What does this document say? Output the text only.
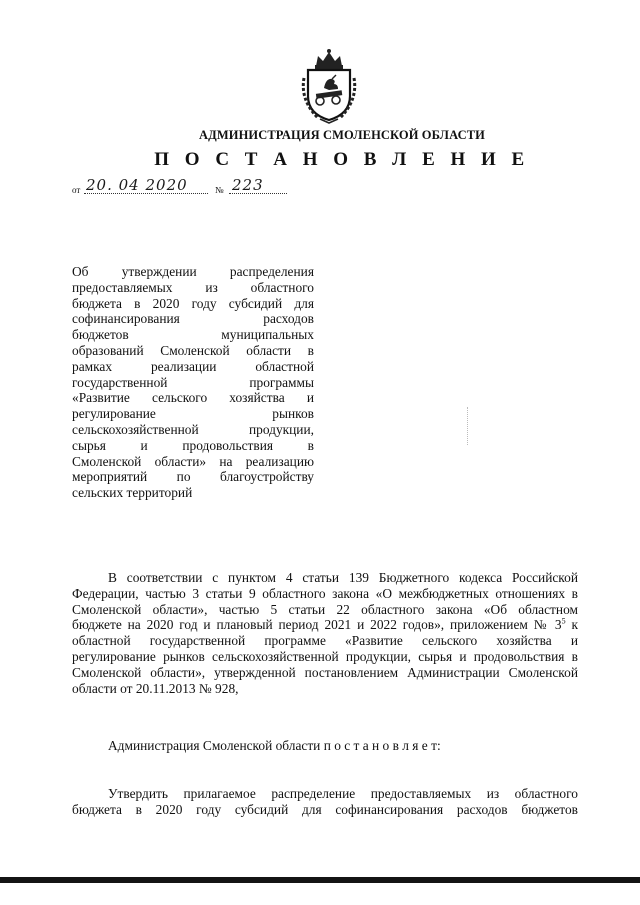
АДМИНИСТРАЦИЯ СМОЛЕНСКОЙ ОБЛАСТИ
П О С Т А Н О В Л Е Н И Е
от 20. 04 2020	№ 223
Об утверждении распределения
предоставляемых из областного
бюджета в 2020 году субсидий для
софинансирования расходов
бюджетов муниципальных
образований Смоленской области в
рамках реализации областной
государственной программы
«Развитие сельского хозяйства и
регулирование рынков
сельскохозяйственной продукции,
сырья и продовольствия в
Смоленской области» на реализацию
мероприятий по благоустройству
сельских территорий
В соответствии с пунктом 4 статьи 139 Бюджетного кодекса Российской
Федерации, частью 3 статьи 9 областного закона «О межбюджетных отношениях в
Смоленской области», частью 5 статьи 22 областного закона «Об областном
бюджете на 2020 год и плановый период 2021 и 2022 годов», приложением № $3^5$ к
областной государственной программе «Развитие сельского хозяйства и
регулирование рынков сельскохозяйственной продукции, сырья и продовольствия в
Смоленской области», утвержденной постановлением Администрации Смоленской
области от 20.11.2013 № 928,
Администрация Смоленской области п о с т а н о в л я е т:
Утвердить прилагаемое распределение предоставляемых из областного
бюджета в 2020 году субсидий для софинансирования расходов бюджетов
